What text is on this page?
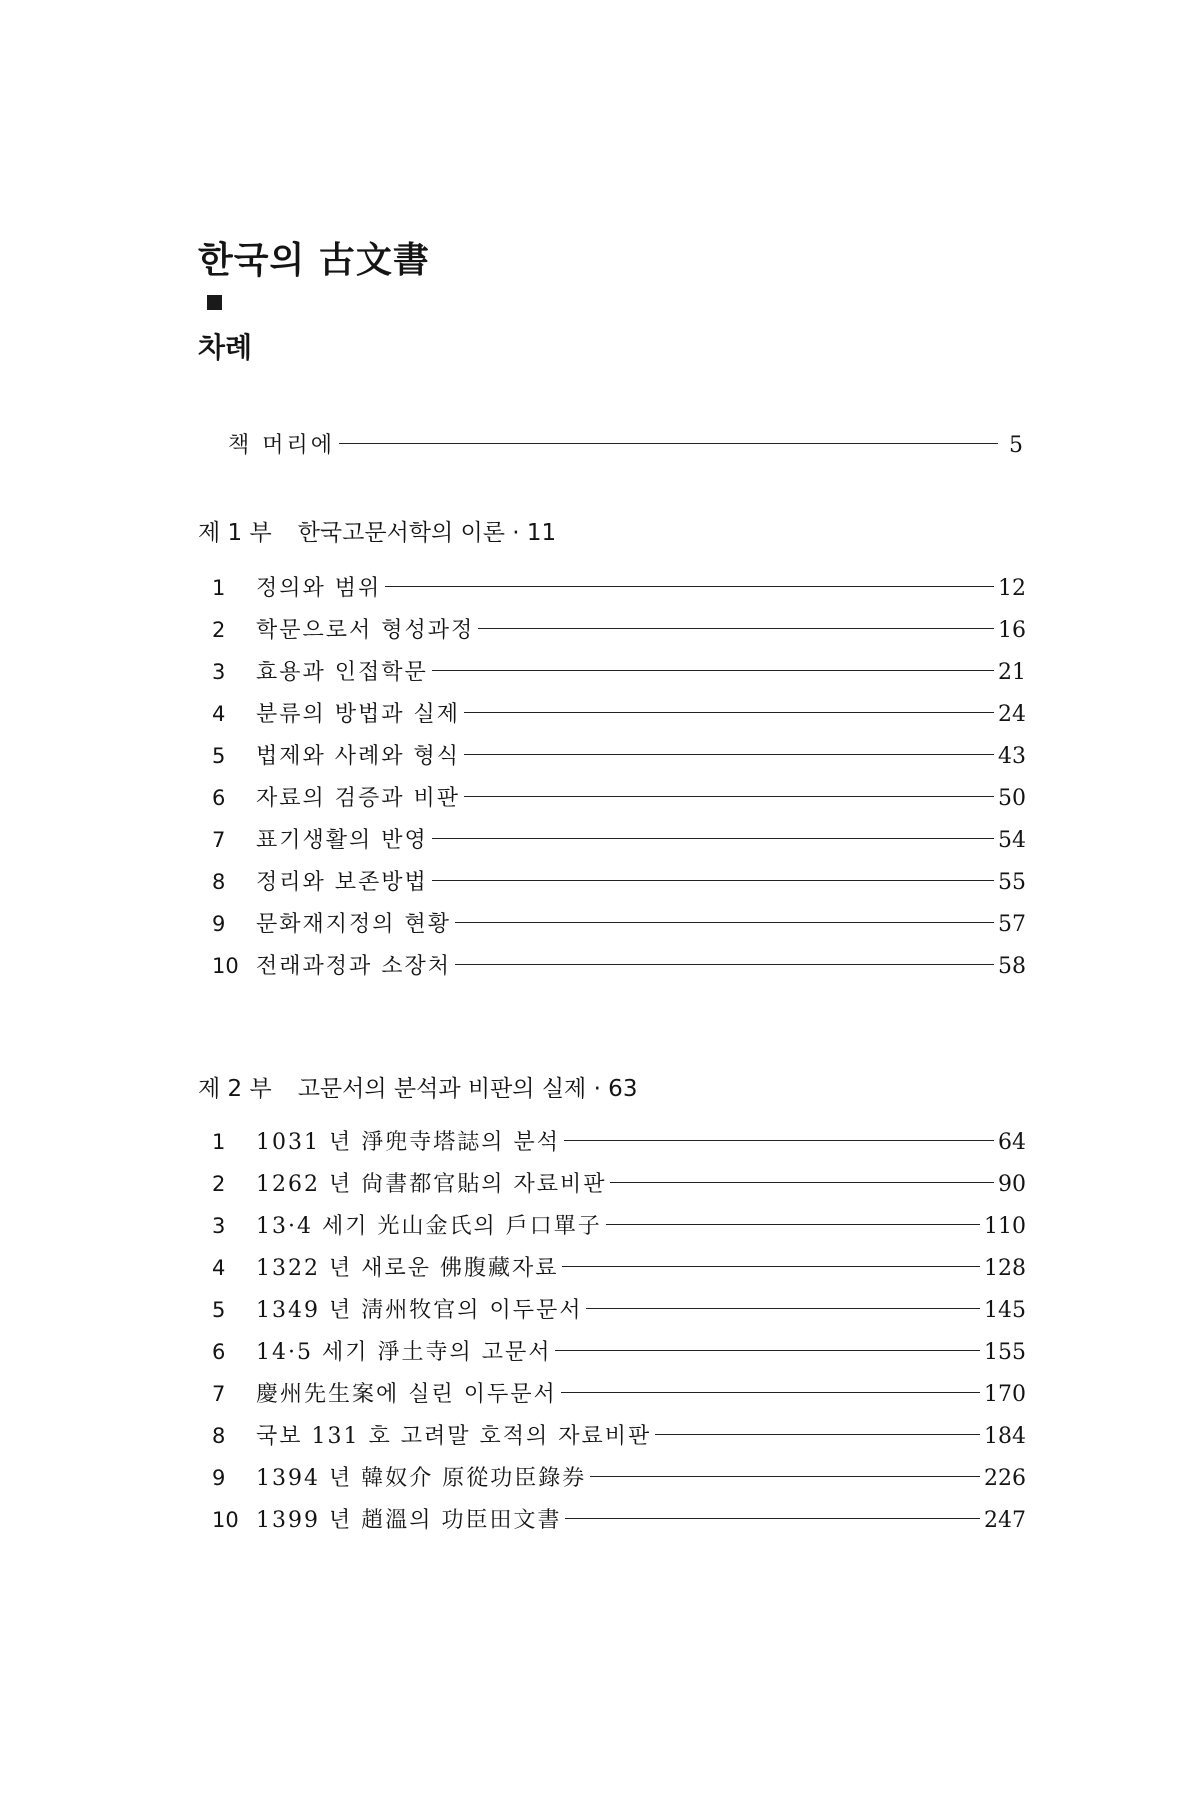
한국의 古文書
차례
책 머리에	5
제 1 부 한국고문서학의 이론 · 11
1	정의와 범위	12
2	학문으로서 형성과정	16
3	효용과 인접학문	21
4	분류의 방법과 실제	24
5	법제와 사례와 형식	43
6	자료의 검증과 비판	50
7	표기생활의 반영	54
8	정리와 보존방법	55
9	문화재지정의 현황	57
10 전래과정과 소장처	58
제 2 부 고문서의 분석과 비판의 실제 · 63
1	1031 년 淨兜寺塔誌의 분석	64
2	1262 년 尙書都官貼의 자료비판	90
3	13·4 세기 光山金氏의 戶口單子	110
4	1322 년 새로운 佛腹藏자료	128
5	1349 년 淸州牧官의 이두문서	145
6	14·5 세기 淨土寺의 고문서	155
7	慶州先生案에 실린 이두문서	170
8	국보 131 호 고려말 호적의 자료비판	184
9	1394 년 韓奴介 原從功臣錄券	226
10 1399 년 趙溫의 功臣田文書	247
